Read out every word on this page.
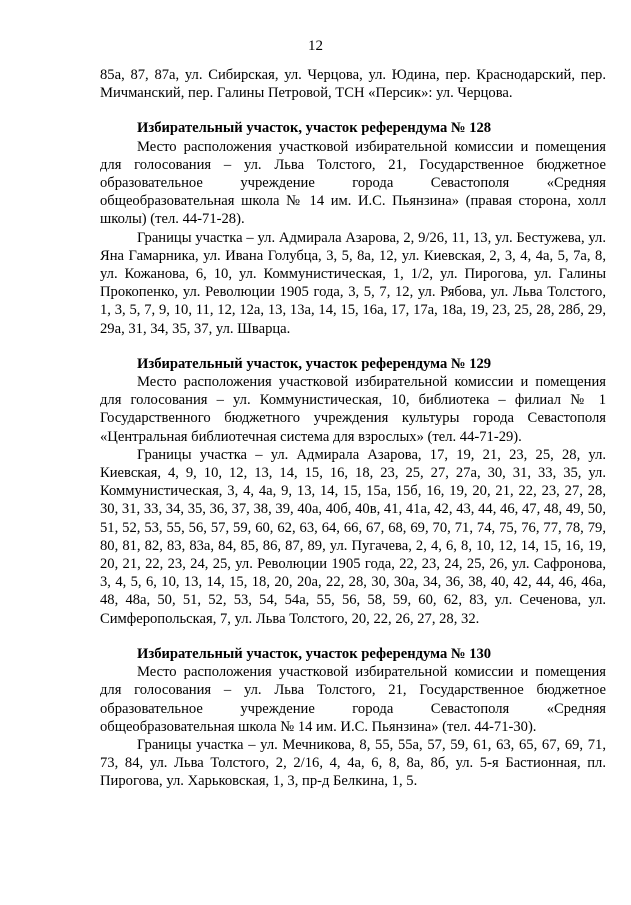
12

85а, 87, 87а, ул. Сибирская, ул. Черцова, ул. Юдина, пер. Краснодарский, пер. Мичманский, пер. Галины Петровой, ТСН «Персик»: ул. Черцова.

Избирательный участок, участок референдума № 128

Место расположения участковой избирательной комиссии и помещения для голосования – ул. Льва Толстого, 21, Государственное бюджетное образовательное учреждение города Севастополя «Средняя общеобразовательная школа № 14 им. И.С. Пьянзина» (правая сторона, холл школы) (тел. 44-71-28).

Границы участка – ул. Адмирала Азарова, 2, 9/26, 11, 13, ул. Бестужева, ул. Яна Гамарника, ул. Ивана Голубца, 3, 5, 8а, 12, ул. Киевская, 2, 3, 4, 4а, 5, 7а, 8, ул. Кожанова, 6, 10, ул. Коммунистическая, 1, 1/2, ул. Пирогова, ул. Галины Прокопенко, ул. Революции 1905 года, 3, 5, 7, 12, ул. Рябова, ул. Льва Толстого, 1, 3, 5, 7, 9, 10, 11, 12, 12а, 13, 13а, 14, 15, 16а, 17, 17а, 18а, 19, 23, 25, 28, 28б, 29, 29а, 31, 34, 35, 37, ул. Шварца.

Избирательный участок, участок референдума № 129

Место расположения участковой избирательной комиссии и помещения для голосования – ул. Коммунистическая, 10, библиотека – филиал № 1 Государственного бюджетного учреждения культуры города Севастополя «Центральная библиотечная система для взрослых» (тел. 44-71-29).

Границы участка – ул. Адмирала Азарова, 17, 19, 21, 23, 25, 28, ул. Киевская, 4, 9, 10, 12, 13, 14, 15, 16, 18, 23, 25, 27, 27а, 30, 31, 33, 35, ул. Коммунистическая, 3, 4, 4а, 9, 13, 14, 15, 15а, 15б, 16, 19, 20, 21, 22, 23, 27, 28, 30, 31, 33, 34, 35, 36, 37, 38, 39, 40а, 40б, 40в, 41, 41а, 42, 43, 44, 46, 47, 48, 49, 50, 51, 52, 53, 55, 56, 57, 59, 60, 62, 63, 64, 66, 67, 68, 69, 70, 71, 74, 75, 76, 77, 78, 79, 80, 81, 82, 83, 83а, 84, 85, 86, 87, 89, ул. Пугачева, 2, 4, 6, 8, 10, 12, 14, 15, 16, 19, 20, 21, 22, 23, 24, 25, ул. Революции 1905 года, 22, 23, 24, 25, 26, ул. Сафронова, 3, 4, 5, 6, 10, 13, 14, 15, 18, 20, 20а, 22, 28, 30, 30а, 34, 36, 38, 40, 42, 44, 46, 46а, 48, 48а, 50, 51, 52, 53, 54, 54а, 55, 56, 58, 59, 60, 62, 83, ул. Сеченова, ул. Симферопольская, 7, ул. Льва Толстого, 20, 22, 26, 27, 28, 32.

Избирательный участок, участок референдума № 130

Место расположения участковой избирательной комиссии и помещения для голосования – ул. Льва Толстого, 21, Государственное бюджетное образовательное учреждение города Севастополя «Средняя общеобразовательная школа № 14 им. И.С. Пьянзина» (тел. 44-71-30).

Границы участка – ул. Мечникова, 8, 55, 55а, 57, 59, 61, 63, 65, 67, 69, 71, 73, 84, ул. Льва Толстого, 2, 2/16, 4, 4а, 6, 8, 8а, 8б, ул. 5-я Бастионная, пл. Пирогова, ул. Харьковская, 1, 3, пр-д Белкина, 1, 5.
